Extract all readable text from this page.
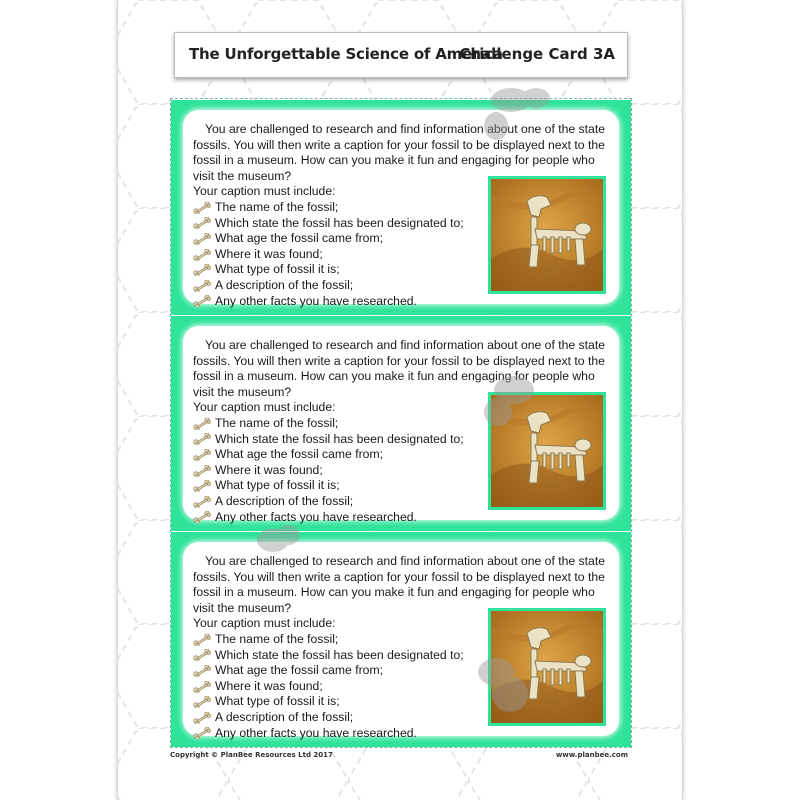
The Unforgettable Science of America
Challenge Card 3A

You are challenged to research and find information about one of the state fossils. You will then write a caption for your fossil to be displayed next to the fossil in a museum. How can you make it fun and engaging for people who visit the museum?

Your caption must include:

The name of the fossil;
Which state the fossil has been designated to;
What age the fossil came from;
Where it was found;
What type of fossil it is;
A description of the fossil;
Any other facts you have researched.

You are challenged to research and find information about one of the state fossils. You will then write a caption for your fossil to be displayed next to the fossil in a museum. How can you make it fun and engaging for people who visit the museum?

Your caption must include:

The name of the fossil;
Which state the fossil has been designated to;
What age the fossil came from;
Where it was found;
What type of fossil it is;
A description of the fossil;
Any other facts you have researched.

You are challenged to research and find information about one of the state fossils. You will then write a caption for your fossil to be displayed next to the fossil in a museum. How can you make it fun and engaging for people who visit the museum?

Your caption must include:

The name of the fossil;
Which state the fossil has been designated to;
What age the fossil came from;
Where it was found;
What type of fossil it is;
A description of the fossil;
Any other facts you have researched.
Copyright © PlanBee Resources Ltd 2017	www.planbee.com
